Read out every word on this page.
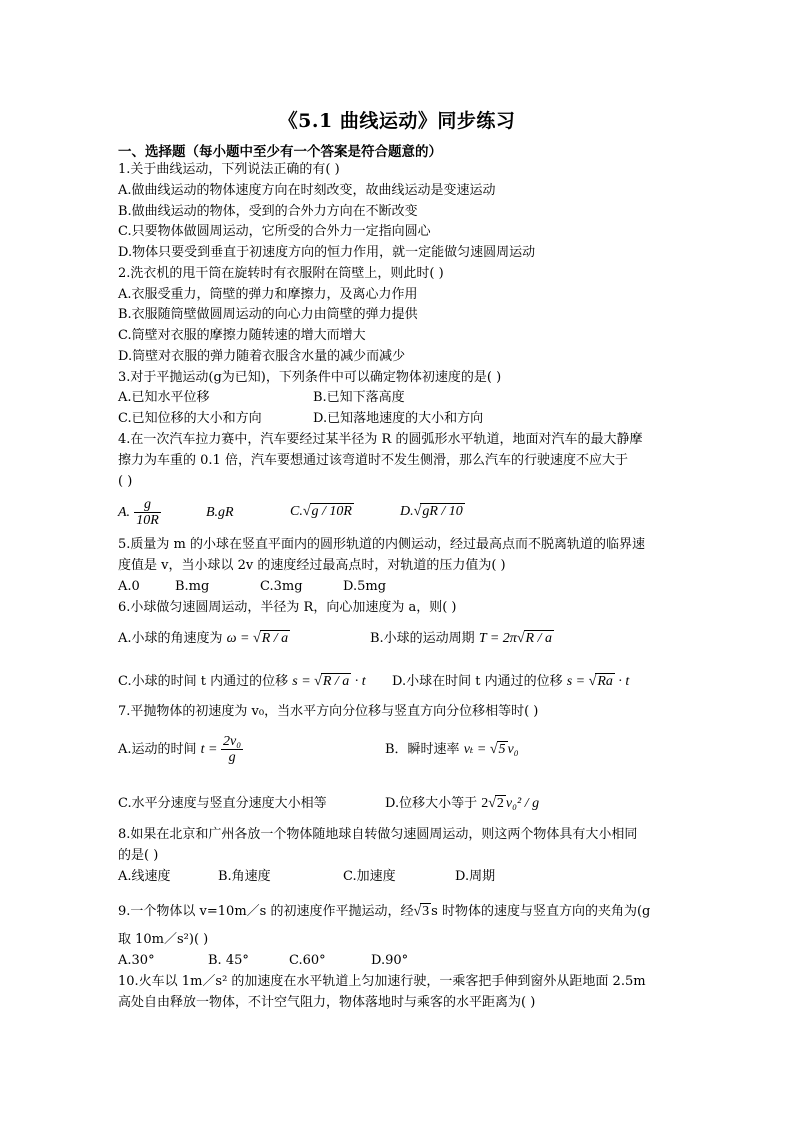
《5.1 曲线运动》同步练习
一、选择题（每小题中至少有一个答案是符合题意的）
1.关于曲线运动，下列说法正确的有( )
A.做曲线运动的物体速度方向在时刻改变，故曲线运动是变速运动
B.做曲线运动的物体，受到的合外力方向在不断改变
C.只要物体做圆周运动，它所受的合外力一定指向圆心
D.物体只要受到垂直于初速度方向的恒力作用，就一定能做匀速圆周运动
2.洗衣机的甩干筒在旋转时有衣服附在筒壁上，则此时( )
A.衣服受重力，筒壁的弹力和摩擦力，及离心力作用
B.衣服随筒壁做圆周运动的向心力由筒壁的弹力提供
C.筒壁对衣服的摩擦力随转速的增大而增大
D.筒壁对衣服的弹力随着衣服含水量的减少而减少
3.对于平抛运动(g为已知)，下列条件中可以确定物体初速度的是( )
A.已知水平位移	B.已知下落高度
C.已知位移的大小和方向	D.已知落地速度的大小和方向
4.在一次汽车拉力赛中，汽车要经过某半径为 R 的圆弧形水平轨道，地面对汽车的最大静摩
擦力为车重的 0.1 倍，汽车要想通过该弯道时不发生侧滑，那么汽车的行驶速度不应大于
( )
A. $\frac{g}{10R}$	B.gR	C.√g / 10R	D.√gR / 10
5.质量为 m 的小球在竖直平面内的圆形轨道的内侧运动，经过最高点而不脱离轨道的临界速
度值是 v，当小球以 2v 的速度经过最高点时，对轨道的压力值为( )
A.0	B.mg	C.3mg	D.5mg
6.小球做匀速圆周运动，半径为 R，向心加速度为 a，则( )
A.小球的角速度为 ω = √R / a	B.小球的运动周期 T = 2π√R / a
C.小球的时间 t 内通过的位移 s = √R / a · t D.小球在时间 t 内通过的位移 s = √Ra · t
7.平抛物体的初速度为 v₀，当水平方向分位移与竖直方向分位移相等时( )
A.运动的时间 $t = \frac{\text{2v₀}}{g}$	B．瞬时速率 vₜ = √5 v₀
C.水平分速度与竖直分速度大小相等	D.位移大小等于 2√2 v₀² / g
8.如果在北京和广州各放一个物体随地球自转做匀速圆周运动，则这两个物体具有大小相同
的是( )
A.线速度	B.角速度	C.加速度	D.周期
9.一个物体以 v=10m／s 的初速度作平抛运动，经√3 s 时物体的速度与竖直方向的夹角为(g
取 10m／s²)( )
A.30°	B. 45°	C.60°	D.90°
10.火车以 1m／s² 的加速度在水平轨道上匀加速行驶，一乘客把手伸到窗外从距地面 2.5m
高处自由释放一物体，不计空气阻力，物体落地时与乘客的水平距离为( )
